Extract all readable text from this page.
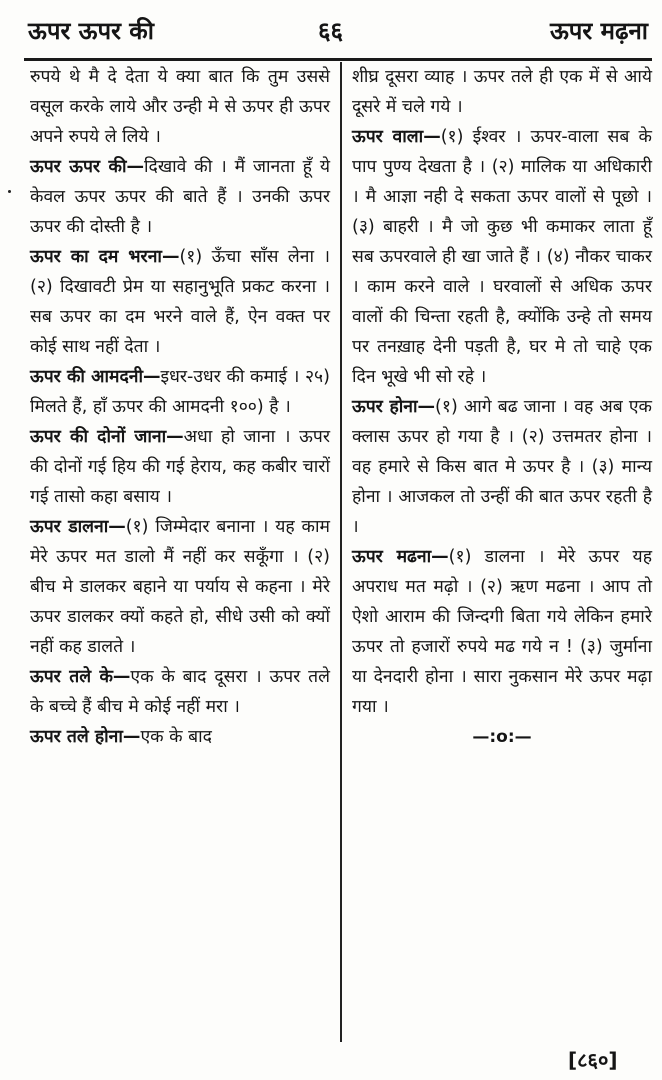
ऊपर ऊपर की	६६	ऊपर मढ़ना

रुपये थे मै दे देता ये क्या बात कि तुम उससे वसूल करके लाये और उन्ही मे से ऊपर ही ऊपर अपने रुपये ले लिये ।

ऊपर ऊपर की—दिखावे की । मैं जानता हूँ ये केवल ऊपर ऊपर की बाते हैं । उनकी ऊपर ऊपर की दोस्ती है ।

ऊपर का दम भरना—(१) ऊँचा साँस लेना । (२) दिखावटी प्रेम या सहानुभूति प्रकट करना । सब ऊपर का दम भरने वाले हैं, ऐन वक्त पर कोई साथ नहीं देता ।

ऊपर की आमदनी—इधर-उधर की कमाई । २५) मिलते हैं, हाँ ऊपर की आमदनी १००) है ।

ऊपर की दोनों जाना—अधा हो जाना । ऊपर की दोनों गई हिय की गई हेराय, कह कबीर चारों गई तासो कहा बसाय ।

ऊपर डालना—(१) जिम्मेदार बनाना । यह काम मेरे ऊपर मत डालो मैं नहीं कर सकूँगा । (२) बीच मे डालकर बहाने या पर्याय से कहना । मेरे ऊपर डालकर क्यों कहते हो, सीधे उसी को क्यों नहीं कह डालते ।

ऊपर तले के—एक के बाद दूसरा । ऊपर तले के बच्चे हैं बीच मे कोई नहीं मरा ।

ऊपर तले होना—एक के बाद

शीघ्र दूसरा व्याह । ऊपर तले ही एक में से आये दूसरे में चले गये ।

ऊपर वाला—(१) ईश्वर । ऊपर-वाला सब के पाप पुण्य देखता है । (२) मालिक या अधिकारी । मै आज्ञा नही दे सकता ऊपर वालों से पूछो । (३) बाहरी । मै जो कुछ भी कमाकर लाता हूँ सब ऊपरवाले ही खा जाते हैं । (४) नौकर चाकर । काम करने वाले । घरवालों से अधिक ऊपर वालों की चिन्ता रहती है, क्योंकि उन्हे तो समय पर तनख़ाह देनी पड़ती है, घर मे तो चाहे एक दिन भूखे भी सो रहे ।

ऊपर होना—(१) आगे बढ जाना । वह अब एक क्लास ऊपर हो गया है । (२) उत्तमतर होना । वह हमारे से किस बात मे ऊपर है । (३) मान्य होना । आजकल तो उन्हीं की बात ऊपर रहती है ।

ऊपर मढना—(१) डालना । मेरे ऊपर यह अपराध मत मढ़ो । (२) ऋण मढना । आप तो ऐशो आराम की जिन्दगी बिता गये लेकिन हमारे ऊपर तो हजारों रुपये मढ गये न ! (३) जुर्माना या देनदारी होना । सारा नुकसान मेरे ऊपर मढ़ा गया ।

—:o:—
[८६०]
